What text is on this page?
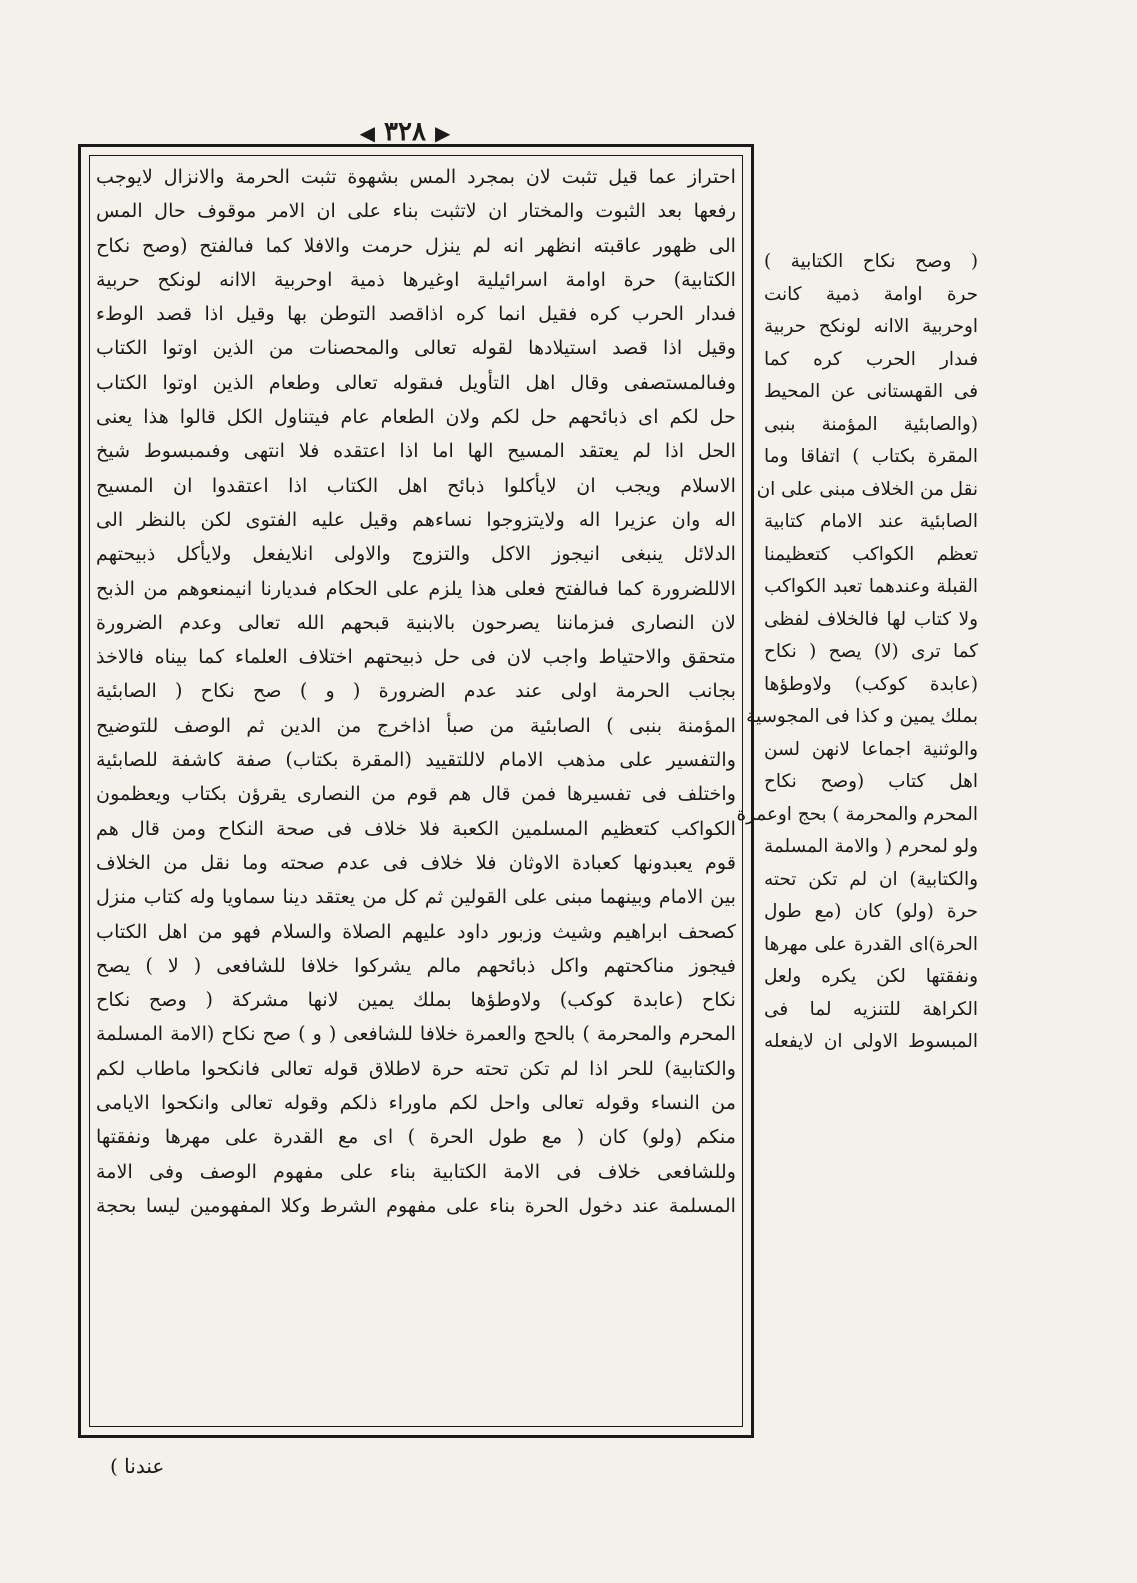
◀ ٣٢٨ ▶
احتراز عما قيل تثبت لان بمجرد المس بشهوة تثبت الحرمة والانزال لايوجب
رفعها بعد الثبوت والمختار ان لاتثبت بناء على ان الامر موقوف حال المس
الى ظهور عاقبته انظهر انه لم ينزل حرمت والافلا كما فىالفتح (وصح نكاح
الكتابية) حرة اوامة اسرائيلية اوغيرها ذمية اوحربية الاانه لونكح حربية
فىدار الحرب كره فقيل انما كره اذاقصد التوطن بها وقيل اذا قصد الوطء
وقيل اذا قصد استيلادها لقوله تعالى والمحصنات من الذين اوتوا الكتاب
وفىالمستصفى وقال اهل التأويل فىقوله تعالى وطعام الذين اوتوا الكتاب
حل لكم اى ذبائحهم حل لكم ولان الطعام عام فيتناول الكل قالوا هذا يعنى
الحل اذا لم يعتقد المسيح الها اما اذا اعتقده فلا انتهى وفىمبسوط شيخ
الاسلام ويجب ان لايأكلوا ذبائح اهل الكتاب اذا اعتقدوا ان المسيح
اله وان عزيرا اله ولايتزوجوا نساءهم وقيل عليه الفتوى لكن بالنظر الى
الدلائل ينبغى انيجوز الاكل والتزوج والاولى انلايفعل ولايأكل ذبيحتهم
الاللضرورة كما فىالفتح فعلى هذا يلزم على الحكام فىديارنا انيمنعوهم من الذبح
لان النصارى فىزماننا يصرحون بالابنية قبحهم الله تعالى وعدم الضرورة
متحقق والاحتياط واجب لان فى حل ذبيحتهم اختلاف العلماء كما بيناه فالاخذ
بجانب الحرمة اولى عند عدم الضرورة ( و ) صح نكاح ( الصابئية
المؤمنة بنبى ) الصابئية من صبأ اذاخرج من الدين ثم الوصف للتوضيح
والتفسير على مذهب الامام لاللتقييد (المقرة بكتاب) صفة كاشفة للصابئية
واختلف فى تفسيرها فمن قال هم قوم من النصارى يقرؤن بكتاب ويعظمون
الكواكب كتعظيم المسلمين الكعبة فلا خلاف فى صحة النكاح ومن قال هم
قوم يعبدونها كعبادة الاوثان فلا خلاف فى عدم صحته وما نقل من الخلاف
بين الامام وبينهما مبنى على القولين ثم كل من يعتقد دينا سماويا وله كتاب منزل
كصحف ابراهيم وشيث وزبور داود عليهم الصلاة والسلام فهو من اهل الكتاب
فيجوز مناكحتهم واكل ذبائحهم مالم يشركوا خلافا للشافعى ( لا ) يصح
نكاح (عابدة كوكب) ولاوطؤها بملك يمين لانها مشركة ( وصح نكاح
المحرم والمحرمة ) بالحج والعمرة خلافا للشافعى ( و ) صح نكاح (الامة المسلمة
والكتابية) للحر اذا لم تكن تحته حرة لاطلاق قوله تعالى فانكحوا ماطاب لكم
من النساء وقوله تعالى واحل لكم ماوراء ذلكم وقوله تعالى وانكحوا الايامى
منكم (ولو) كان ( مع طول الحرة ) اى مع القدرة على مهرها ونفقتها
وللشافعى خلاف فى الامة الكتابية بناء على مفهوم الوصف وفى الامة
المسلمة عند دخول الحرة بناء على مفهوم الشرط وكلا المفهومين ليسا بحجة
( وصح نكاح الكتابية )
حرة اوامة ذمية كانت
اوحربية الاانه لونكح حربية
فىدار الحرب كره كما
فى القهستانى عن المحيط
(والصابئية المؤمنة بنبى
المقرة بكتاب ) اتفاقا وما
نقل من الخلاف مبنى على ان
الصابئية عند الامام كتابية
تعظم الكواكب كتعظيمنا
القبلة وعندهما تعبد الكواكب
ولا كتاب لها فالخلاف لفظى
كما ترى (لا) يصح ( نكاح
(عابدة كوكب) ولاوطؤها
بملك يمين و كذا فى المجوسية
والوثنية اجماعا لانهن لسن
اهل كتاب (وصح نكاح
المحرم والمحرمة ) بحج اوعمرة
ولو لمحرم ( والامة المسلمة
والكتابية) ان لم تكن تحته
حرة (ولو) كان (مع طول
الحرة)اى القدرة على مهرها
ونفقتها لكن يكره ولعل
الكراهة للتنزيه لما فى
المبسوط الاولى ان لايفعله
عندنا )
